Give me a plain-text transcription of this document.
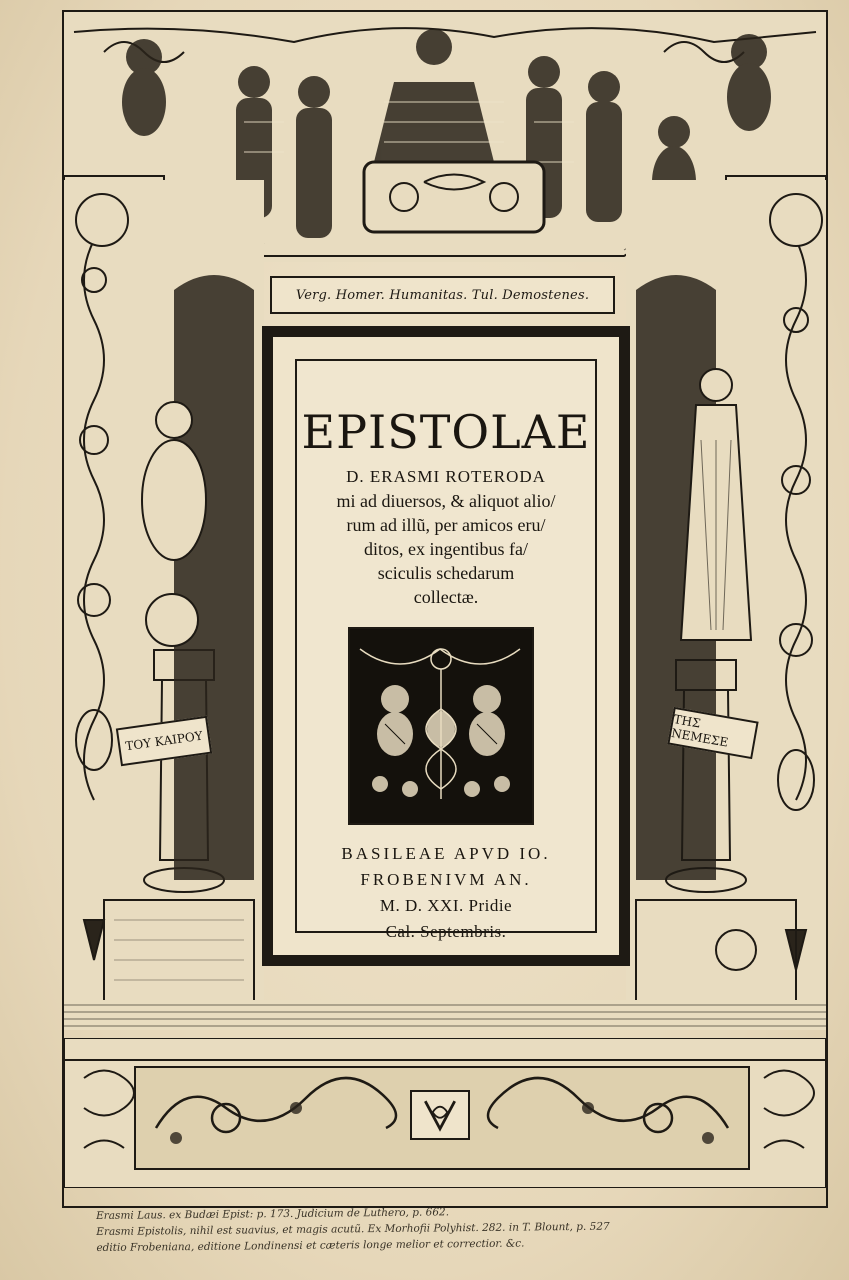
Verg. Homer. Humanitas. Tul. Demostenes.
EPISTOLAE
D. ERASMI ROTERODA
mi ad diuersos, & aliquot alio/
rum ad illũ, per amicos eru/
ditos, ex ingentibus fa/
sciculis schedarum
collectæ.
BASILEAE APVD IO.
FROBENIVM AN.
M. D. XXI. Pridie
Cal. Septembris.
ΤΟΥ ΚΑΙΡΟΥ
ΤΗΣ ΝΕΜΕΣΕ
Erasmi Laus. ex Budæi Epist: p. 173. Judicium de Luthero, p. 662.
Erasmi Epistolis, nihil est suavius, et magis acutũ. Ex Morhofii Polyhist. 282. in T. Blount, p. 527
editio Frobeniana, editione Londinensi et cæteris longe melior et correctior. &c.
